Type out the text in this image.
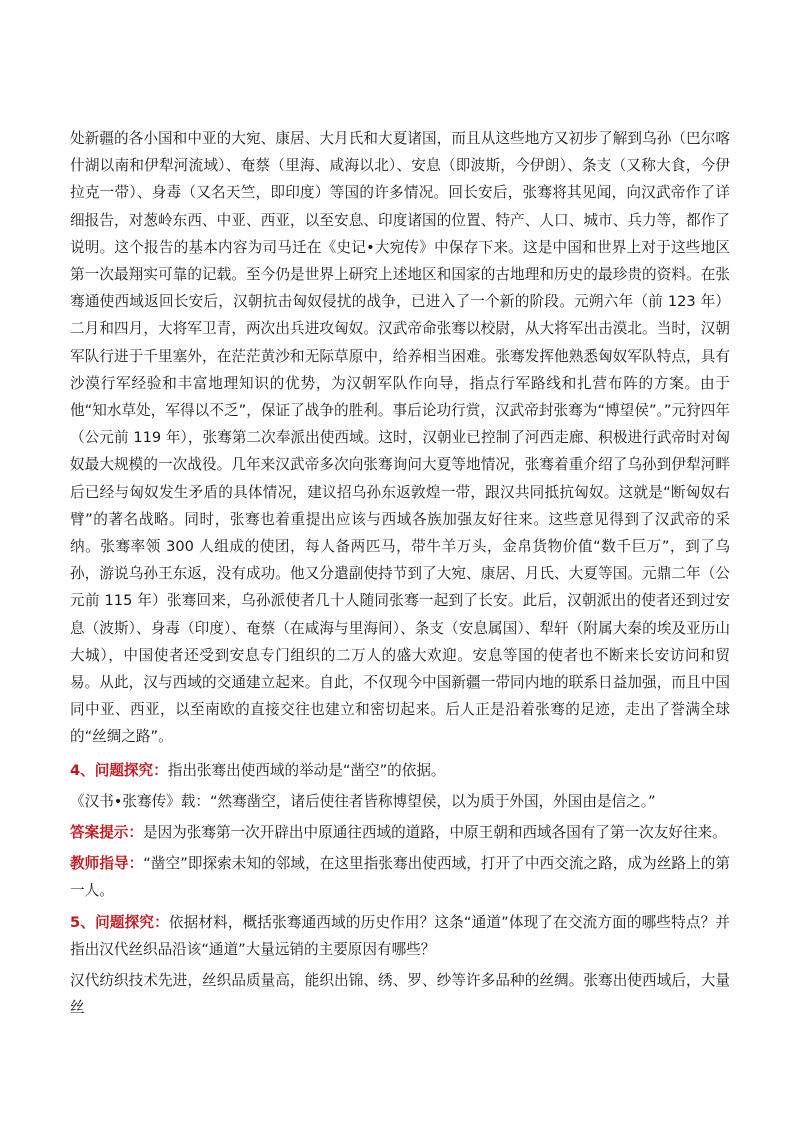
处新疆的各小国和中亚的大宛、康居、大月氏和大夏诸国，而且从这些地方又初步了解到乌孙（巴尔喀什湖以南和伊犁河流域）、奄蔡（里海、咸海以北）、安息（即波斯，今伊朗）、条支（又称大食，今伊拉克一带）、身毒（又名天竺，即印度）等国的许多情况。回长安后，张骞将其见闻，向汉武帝作了详细报告，对葱岭东西、中亚、西亚，以至安息、印度诸国的位置、特产、人口、城市、兵力等，都作了说明。这个报告的基本内容为司马迁在《史记•大宛传》中保存下来。这是中国和世界上对于这些地区第一次最翔实可靠的记载。至今仍是世界上研究上述地区和国家的古地理和历史的最珍贵的资料。在张骞通使西域返回长安后，汉朝抗击匈奴侵扰的战争，已进入了一个新的阶段。元朔六年（前 123 年）二月和四月，大将军卫青，两次出兵进攻匈奴。汉武帝命张骞以校尉，从大将军出击漠北。当时，汉朝军队行进于千里塞外，在茫茫黄沙和无际草原中，给养相当困难。张骞发挥他熟悉匈奴军队特点，具有沙漠行军经验和丰富地理知识的优势，为汉朝军队作向导，指点行军路线和扎营布阵的方案。由于他“知水草处，军得以不乏”，保证了战争的胜利。事后论功行赏，汉武帝封张骞为“博望侯”。”元狩四年（公元前 119 年），张骞第二次奉派出使西域。这时，汉朝业已控制了河西走廊、积极进行武帝时对匈奴最大规模的一次战役。几年来汉武帝多次向张骞询问大夏等地情况，张骞着重介绍了乌孙到伊犁河畔后已经与匈奴发生矛盾的具体情况，建议招乌孙东返敦煌一带，跟汉共同抵抗匈奴。这就是“断匈奴右臂”的著名战略。同时，张骞也着重提出应该与西域各族加强友好往来。这些意见得到了汉武帝的采纳。张骞率领 300 人组成的使团，每人备两匹马，带牛羊万头，金帛货物价值“数千巨万”，到了乌孙，游说乌孙王东返，没有成功。他又分遣副使持节到了大宛、康居、月氏、大夏等国。元鼎二年（公元前 115 年）张骞回来，乌孙派使者几十人随同张骞一起到了长安。此后，汉朝派出的使者还到过安息（波斯）、身毒（印度）、奄蔡（在咸海与里海间）、条支（安息属国）、犁轩（附属大秦的埃及亚历山大城），中国使者还受到安息专门组织的二万人的盛大欢迎。安息等国的使者也不断来长安访问和贸易。从此，汉与西域的交通建立起来。自此，不仅现今中国新疆一带同内地的联系日益加强，而且中国同中亚、西亚，以至南欧的直接交往也建立和密切起来。后人正是沿着张骞的足迹，走出了誉满全球的“丝绸之路”。

4、问题探究：指出张骞出使西域的举动是“凿空”的依据。

《汉书•张骞传》载：“然骞凿空，诸后使往者皆称博望侯，以为质于外国，外国由是信之。”

答案提示：是因为张骞第一次开辟出中原通往西域的道路，中原王朝和西域各国有了第一次友好往来。

教师指导：“凿空”即探索未知的邻域，在这里指张骞出使西域，打开了中西交流之路，成为丝路上的第一人。

5、问题探究：依据材料，概括张骞通西域的历史作用？这条“通道”体现了在交流方面的哪些特点？并指出汉代丝织品沿该“通道”大量远销的主要原因有哪些？

汉代纺织技术先进，丝织品质量高，能织出锦、绣、罗、纱等许多品种的丝绸。张骞出使西域后，大量丝
